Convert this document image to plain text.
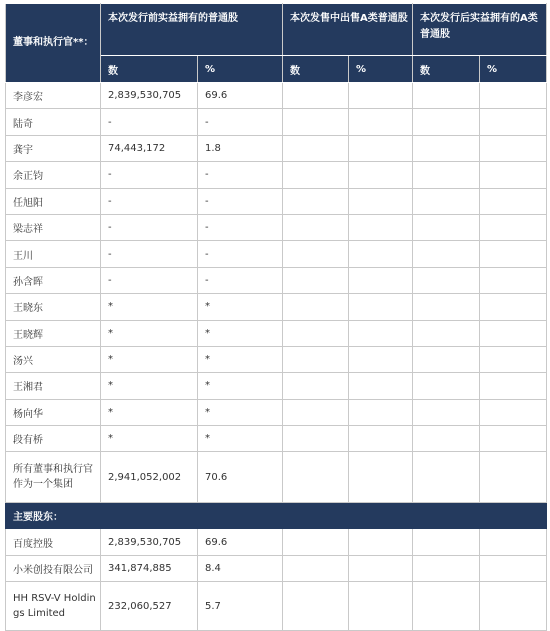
董事和执行官**：	本次发行前实益拥有的普通股		本次发售中出售A类普通股		本次发行后实益拥有的A类普通股	
	数	%	数	%	数	%
李彦宏	2,839,530,705	69.6				
陆奇	-	-				
龚宇	74,443,172	1.8				
余正钧	-	-				
任旭阳	-	-				
梁志祥	-	-				
王川	-	-				
孙含晖	-	-				
王晓东	*	*				
王晓辉	*	*				
汤兴	*	*				
王湘君	*	*				
杨向华	*	*				
段有桥	*	*				
所有董事和执行官作为一个集团	2,941,052,002	70.6				
主要股东：						
百度控股	2,839,530,705	69.6				
小米创投有限公司	341,874,885	8.4				
HH RSV-V Holdings Limited	232,060,527	5.7				
